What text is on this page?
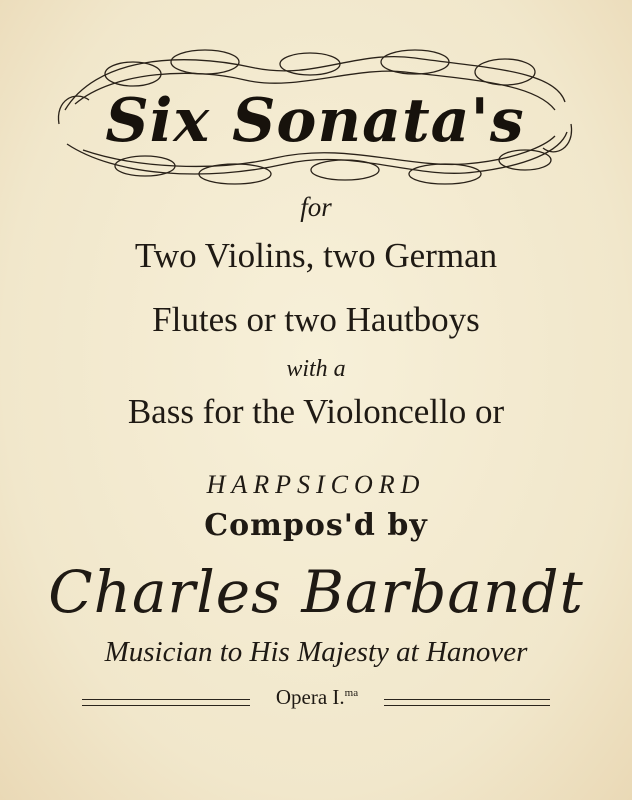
Six Sonata's
for
Two Violins, two German
Flutes or two Hautboys
with a
Bass for the Violoncello or
HARPSICORD
Compos'd by
Charles Barbandt
Musician to His Majesty at Hanover
Opera I.$^{ma}$
